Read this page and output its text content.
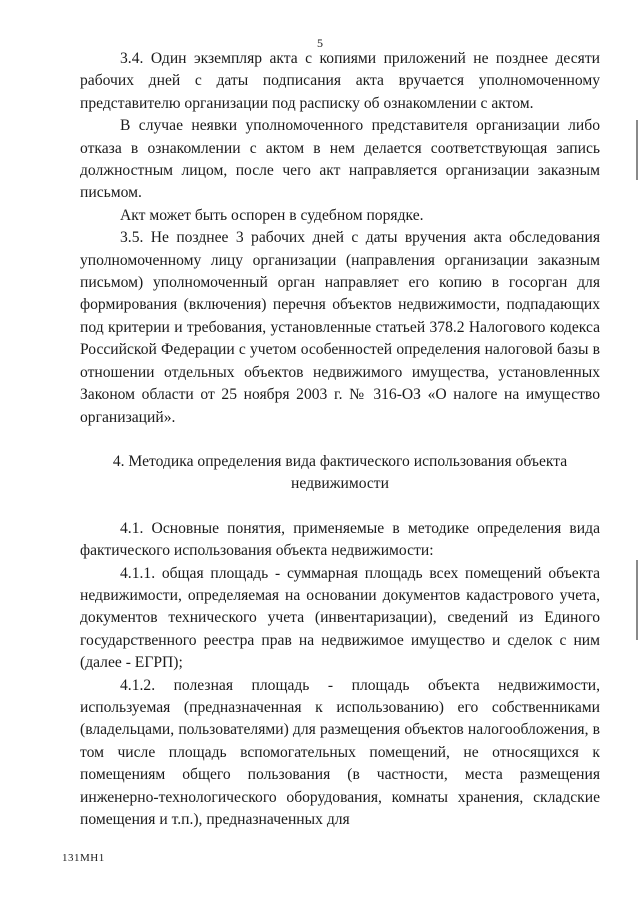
5

3.4. Один экземпляр акта с копиями приложений не позднее десяти рабочих дней с даты подписания акта вручается уполномоченному представителю организации под расписку об ознакомлении с актом.

В случае неявки уполномоченного представителя организации либо отказа в ознакомлении с актом в нем делается соответствующая запись должностным лицом, после чего акт направляется организации заказным письмом.

Акт может быть оспорен в судебном порядке.

3.5. Не позднее 3 рабочих дней с даты вручения акта обследования уполномоченному лицу организации (направления организации заказным письмом) уполномоченный орган направляет его копию в госорган для формирования (включения) перечня объектов недвижимости, подпадающих под критерии и требования, установленные статьей 378.2 Налогового кодекса Российской Федерации с учетом особенностей определения налоговой базы в отношении отдельных объектов недвижимого имущества, установленных Законом области от 25 ноября 2003 г. № 316-ОЗ «О налоге на имущество организаций».

4. Методика определения вида фактического использования объекта недвижимости

4.1. Основные понятия, применяемые в методике определения вида фактического использования объекта недвижимости:

4.1.1. общая площадь - суммарная площадь всех помещений объекта недвижимости, определяемая на основании документов кадастрового учета, документов технического учета (инвентаризации), сведений из Единого государственного реестра прав на недвижимое имущество и сделок с ним (далее - ЕГРП);

4.1.2. полезная площадь - площадь объекта недвижимости, используемая (предназначенная к использованию) его собственниками (владельцами, пользователями) для размещения объектов налогообложения, в том числе площадь вспомогательных помещений, не относящихся к помещениям общего пользования (в частности, места размещения инженерно-технологического оборудования, комнаты хранения, складские помещения и т.п.), предназначенных для

131МН1
